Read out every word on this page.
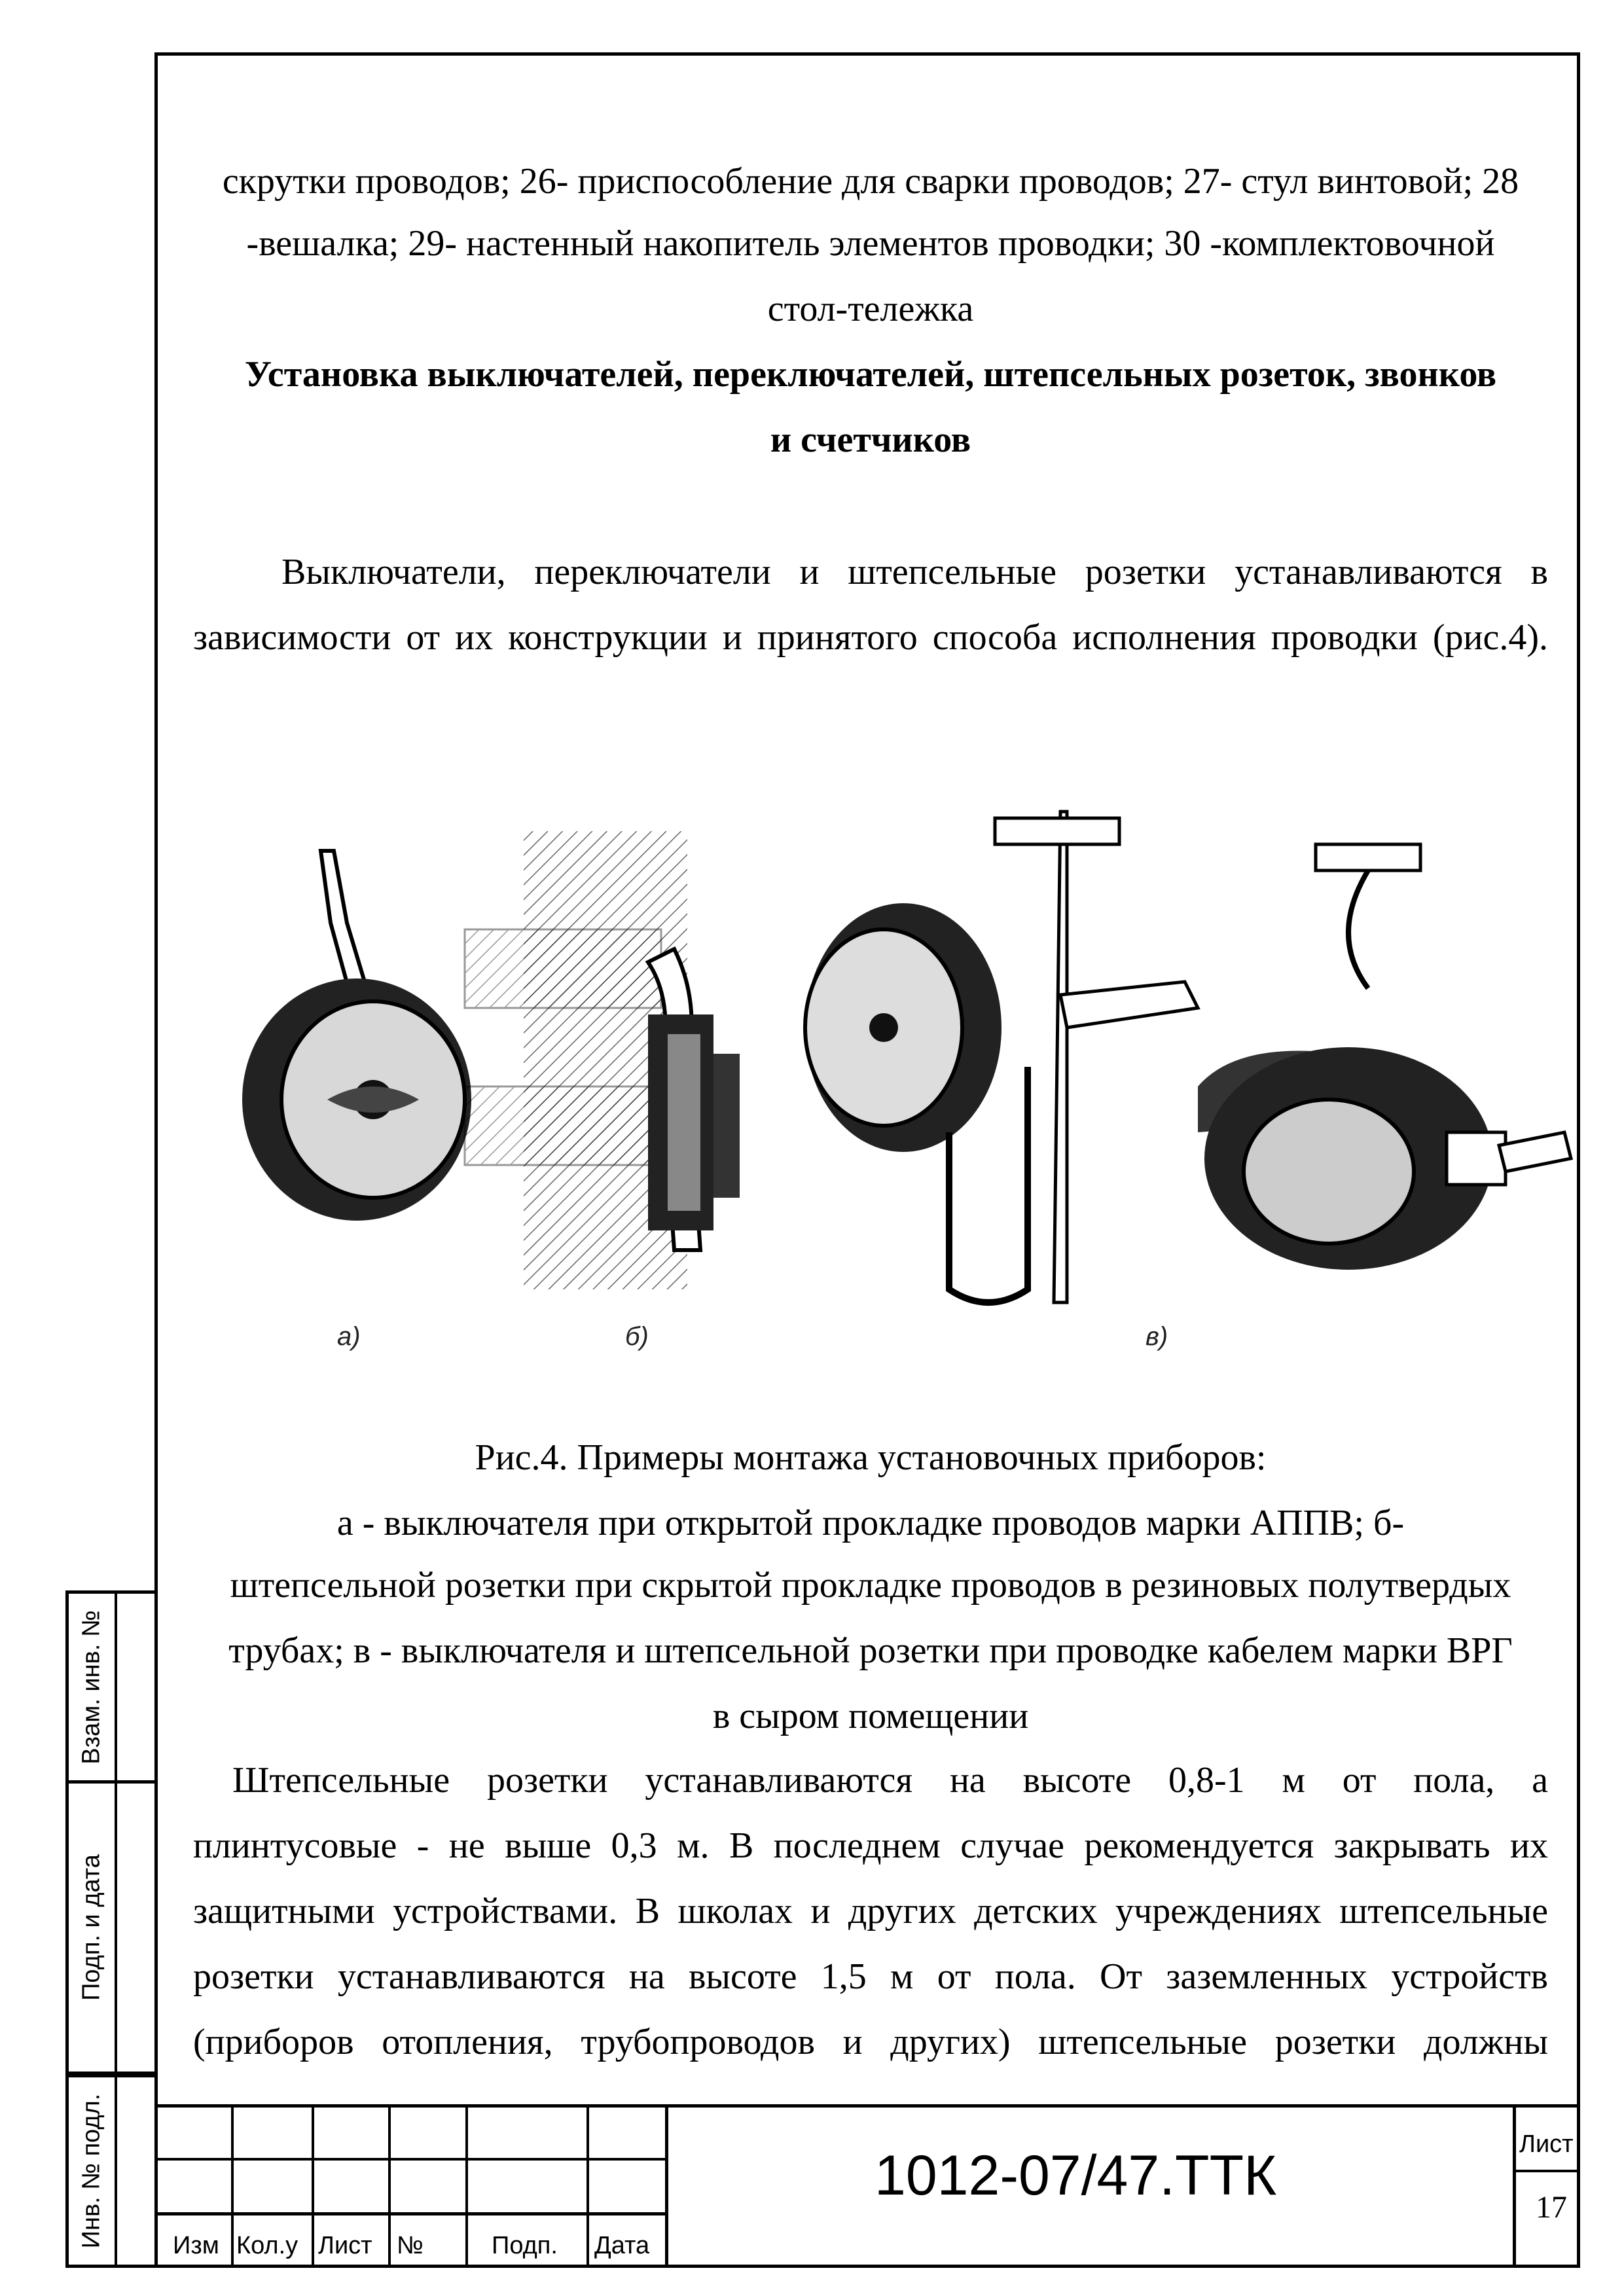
скрутки проводов; 26- приспособление для сварки проводов; 27- стул винтовой; 28
-вешалка; 29- настенный накопитель элементов проводки; 30 -комплектовочной
стол-тележка
Установка выключателей, переключателей, штепсельных розеток, звонков
и счетчиков
Выключатели, переключатели и штепсельные розетки устанавливаются в
зависимости от их конструкции и принятого способа исполнения проводки (рис.4).
а)	б)	в)
Рис.4. Примеры монтажа установочных приборов:
а - выключателя при открытой прокладке проводов марки АППВ; б-
штепсельной розетки при скрытой прокладке проводов в резиновых полутвердых
трубах; в - выключателя и штепсельной розетки при проводке кабелем марки ВРГ
в сыром помещении
Штепсельные розетки устанавливаются на высоте 0,8-1 м от пола, а
плинтусовые - не выше 0,3 м. В последнем случае рекомендуется закрывать их
защитными устройствами. В школах и других детских учреждениях штепсельные
розетки устанавливаются на высоте 1,5 м от пола. От заземленных устройств
(приборов отопления, трубопроводов и других) штепсельные розетки должны
Взам. инв. №
Подп. и дата
Инв. № подл.	Изм Кол.у Лист №	Подп. Дата
1012-07/47.ТТК	Лист
17
